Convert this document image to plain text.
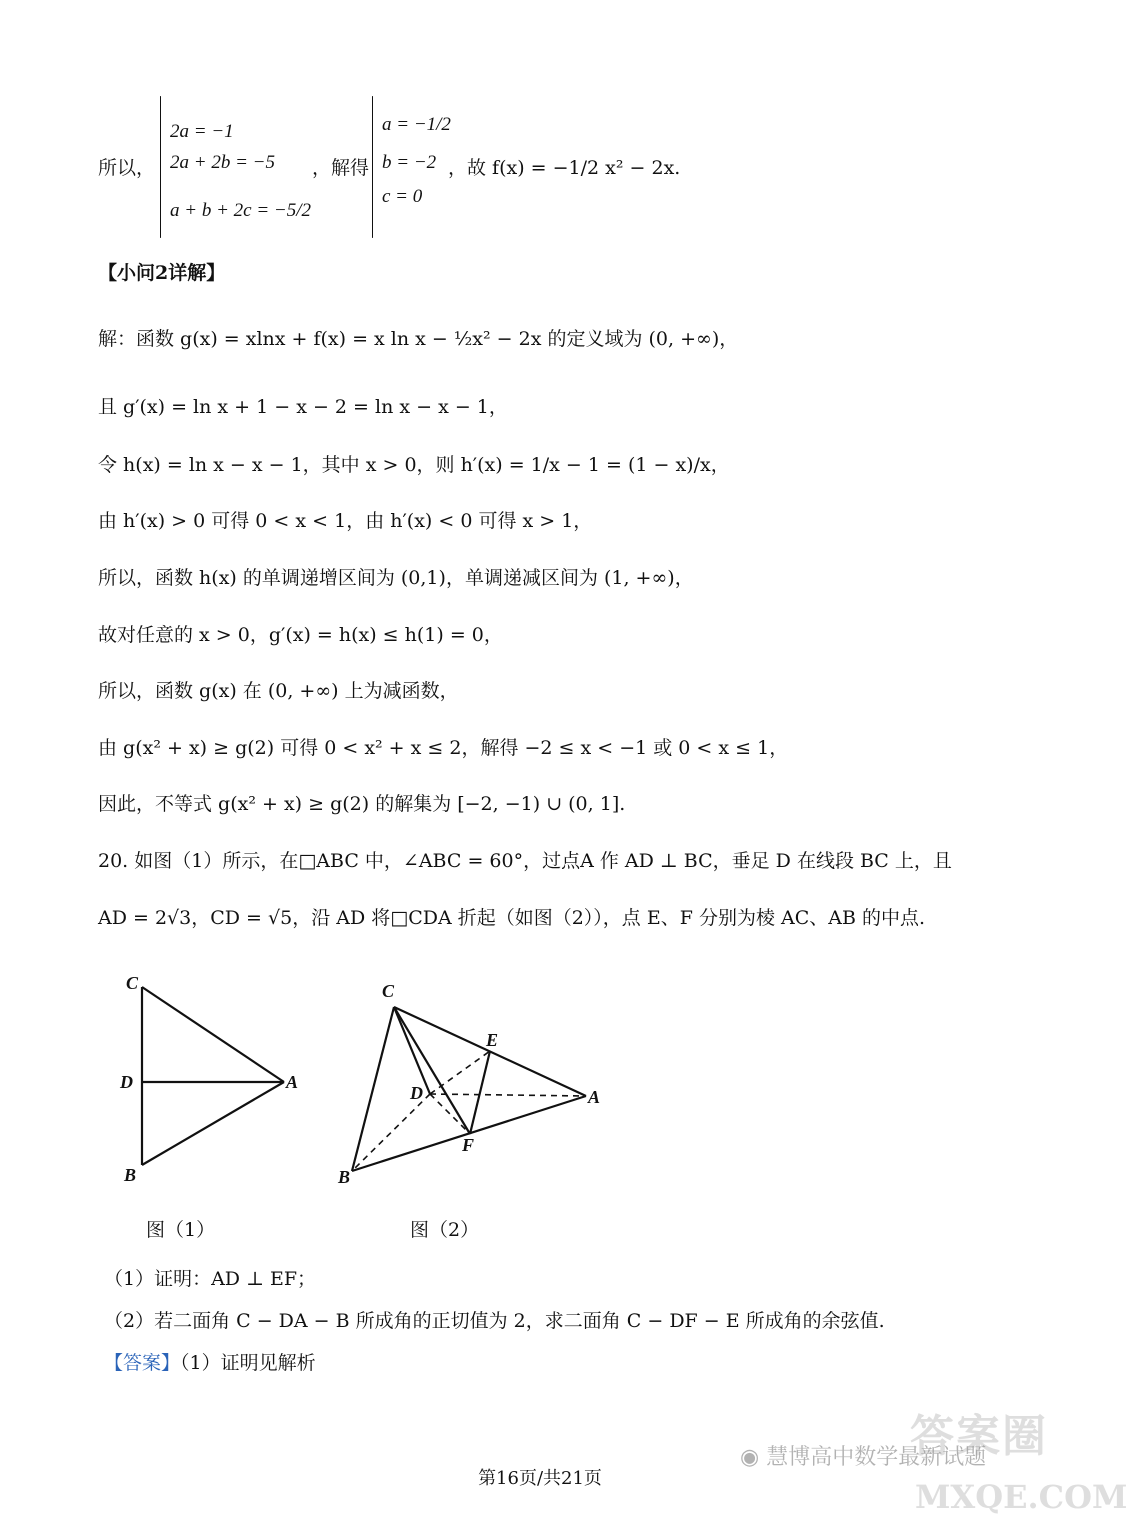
所以，
2a = −1
2a + 2b = −5
a + b + 2c = −5/2
，解得
a = −1/2
b = −2
c = 0
，故 f(x) = −1/2 x² − 2x.
【小问2详解】
解：函数 g(x) = xlnx + f(x) = x ln x − ½x² − 2x 的定义域为 (0, +∞)，
且 g′(x) = ln x + 1 − x − 2 = ln x − x − 1，
令 h(x) = ln x − x − 1，其中 x > 0，则 h′(x) = 1/x − 1 = (1 − x)/x，
由 h′(x) > 0 可得 0 < x < 1，由 h′(x) < 0 可得 x > 1，
所以，函数 h(x) 的单调递增区间为 (0,1)，单调递减区间为 (1, +∞)，
故对任意的 x > 0，g′(x) = h(x) ≤ h(1) = 0，
所以，函数 g(x) 在 (0, +∞) 上为减函数，
由 g(x² + x) ≥ g(2) 可得 0 < x² + x ≤ 2，解得 −2 ≤ x < −1 或 0 < x ≤ 1，
因此，不等式 g(x² + x) ≥ g(2) 的解集为 [−2, −1) ∪ (0, 1].
20. 如图（1）所示，在□ABC 中，∠ABC = 60°，过点A 作 AD ⊥ BC，垂足 D 在线段 BC 上，且
AD = 2√3，CD = √5，沿 AD 将□CDA 折起（如图（2）），点 E、F 分别为棱 AC、AB 的中点.
C
D	A
B
C
E
D	A
F
B
图（1）	图（2）
（1）证明：AD ⊥ EF；
（2）若二面角 C − DA − B 所成角的正切值为 2，求二面角 C − DF − E 所成角的余弦值.
【答案】（1）证明见解析
答案圈
MXQE.COM
◉ 慧博高中数学最新试题
第16页/共21页
